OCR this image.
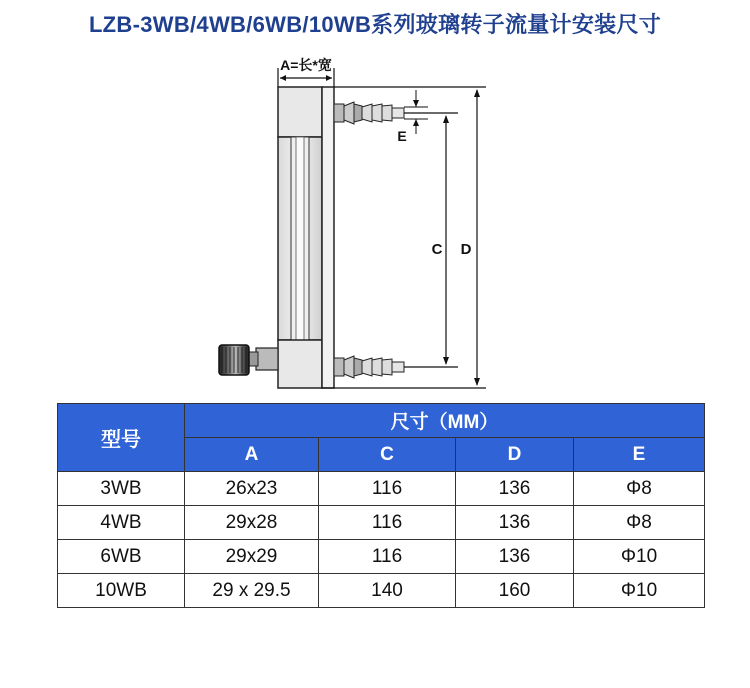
LZB-3WB/4WB/6WB/10WB系列玻璃转子流量计安装尺寸
A=长*宽
E
C D
型号	尺寸（MM）			
	A	C	D	E
3WB	26x23	116	136	Φ8
4WB	29x28	116	136	Φ8
6WB	29x29	116	136	Φ10
10WB	29 x 29.5	140	160	Φ10
